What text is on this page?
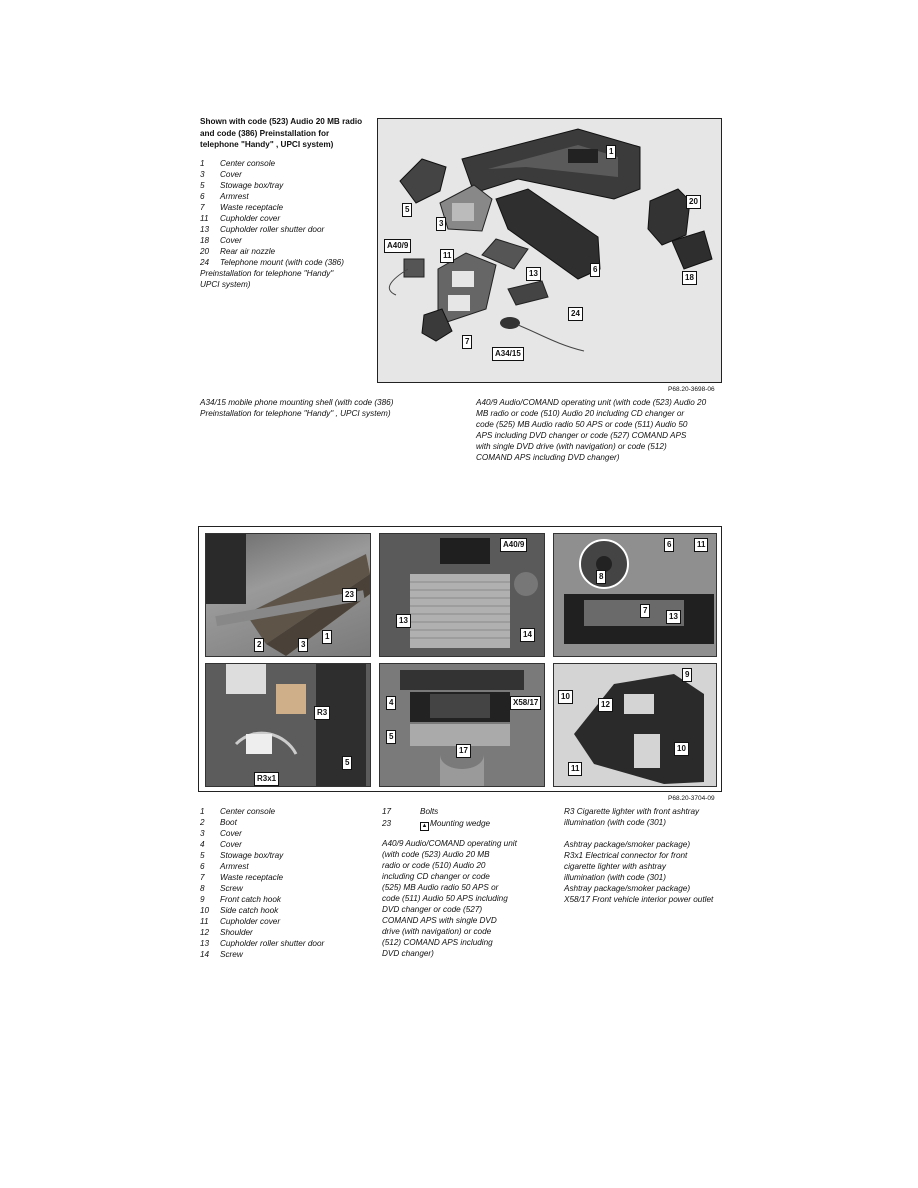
Shown with code (523) Audio 20 MB radio
and code (386) Preinstallation for
telephone "Handy" , UPCI system)
1 Center console
3 Cover
5 Stowage box/tray
6 Armrest
7 Waste receptacle
11 Cupholder cover
13 Cupholder roller shutter door
18 Cover
20 Rear air nozzle
24 Telephone mount (with code (386)
Preinstallation for telephone "Handy"
UPCI system)
1
5
3
20
A40/9
11
13	6
18
24
7
A34/15
P68.20-3698-06
A34/15 mobile phone mounting shell (with code (386)
Preinstallation for telephone "Handy" , UPCI system)
A40/9 Audio/COMAND operating unit (with code (523) Audio 20
MB radio or code (510) Audio 20 including CD changer or
code (525) MB Audio radio 50 APS or code (511) Audio 50
APS including DVD changer or code (527) COMAND APS
with single DVD drive (with navigation) or code (512)
COMAND APS including DVD changer)
23
2	3
1
A40/9
13
14
6	11
8
7
13
R3
R3x1
5
4	X58/17
5
17
9
10
12
10
11
P68.20-3704-09
1 Center console
2 Boot
3 Cover
4 Cover
5 Stowage box/tray
6 Armrest
7 Waste receptacle
8 Screw
9 Front catch hook
10 Side catch hook
11 Cupholder cover
12 Shoulder
13 Cupholder roller shutter door
14 Screw
17	Bolts
23	▲ Mounting wedge
A40/9 Audio/COMAND operating unit
(with code (523) Audio 20 MB
radio or code (510) Audio 20
including CD changer or code
(525) MB Audio radio 50 APS or
code (511) Audio 50 APS including
DVD changer or code (527)
COMAND APS with single DVD
drive (with navigation) or code
(512) COMAND APS including
DVD changer)
R3 Cigarette lighter with front ashtray
illumination (with code (301)
Ashtray package/smoker package)
R3x1 Electrical connector for front
cigarette lighter with ashtray
illumination (with code (301)
Ashtray package/smoker package)
X58/17 Front vehicle interior power outlet
